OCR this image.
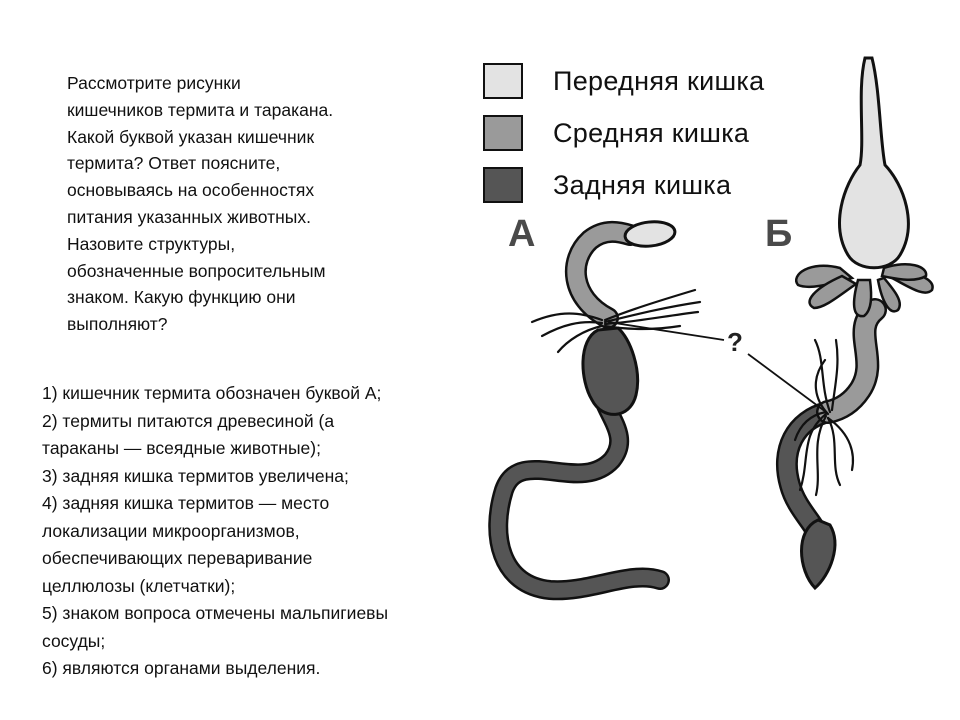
Рассмотрите рисунки
кишечников термита и таракана.
Какой буквой указан кишечник
термита? Ответ поясните,
основываясь на особенностях
питания указанных животных.
Назовите структуры,
обозначенные вопросительным
знаком. Какую функцию они
выполняют?
1) кишечник термита обозначен буквой А;
2) термиты питаются древесиной (а
тараканы — всеядные животные);
3) задняя кишка термитов увеличена;
4) задняя кишка термитов — место
локализации микроорганизмов,
обеспечивающих переваривание
целлюлозы (клетчатки);
5) знаком вопроса отмечены мальпигиевы
сосуды;
6) являются органами выделения.
А	Б
?
Передняя кишка
Средняя кишка
Задняя кишка
